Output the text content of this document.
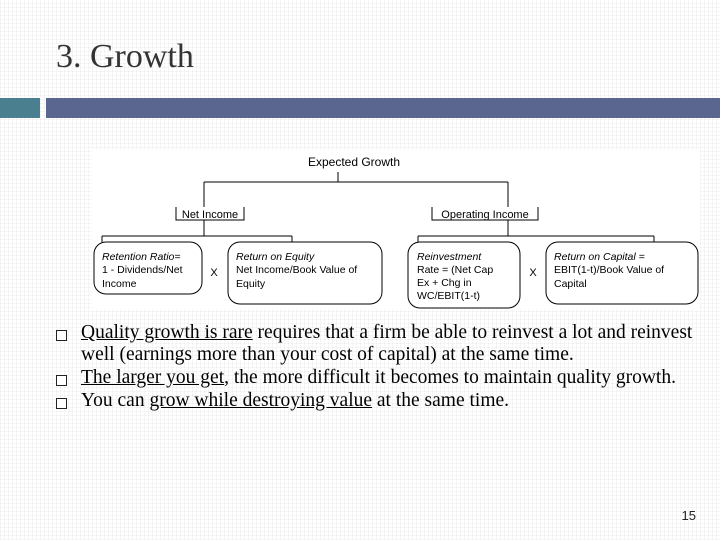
3. Growth
Expected Growth
Net Income	Operating Income
Retention Ratio=
1 - Dividends/Net
Income
X
Return on Equity
Net Income/Book Value of
Equity
Reinvestment
Rate = (Net Cap
Ex + Chg in
WC/EBIT(1-t)
X
Return on Capital =
EBIT(1-t)/Book Value of
Capital
Quality growth is rare requires that a firm be able to reinvest a lot and reinvest well (earnings more than your cost of capital) at the same time.
The larger you get, the more difficult it becomes to maintain quality growth.
You can grow while destroying value at the same time.
15
